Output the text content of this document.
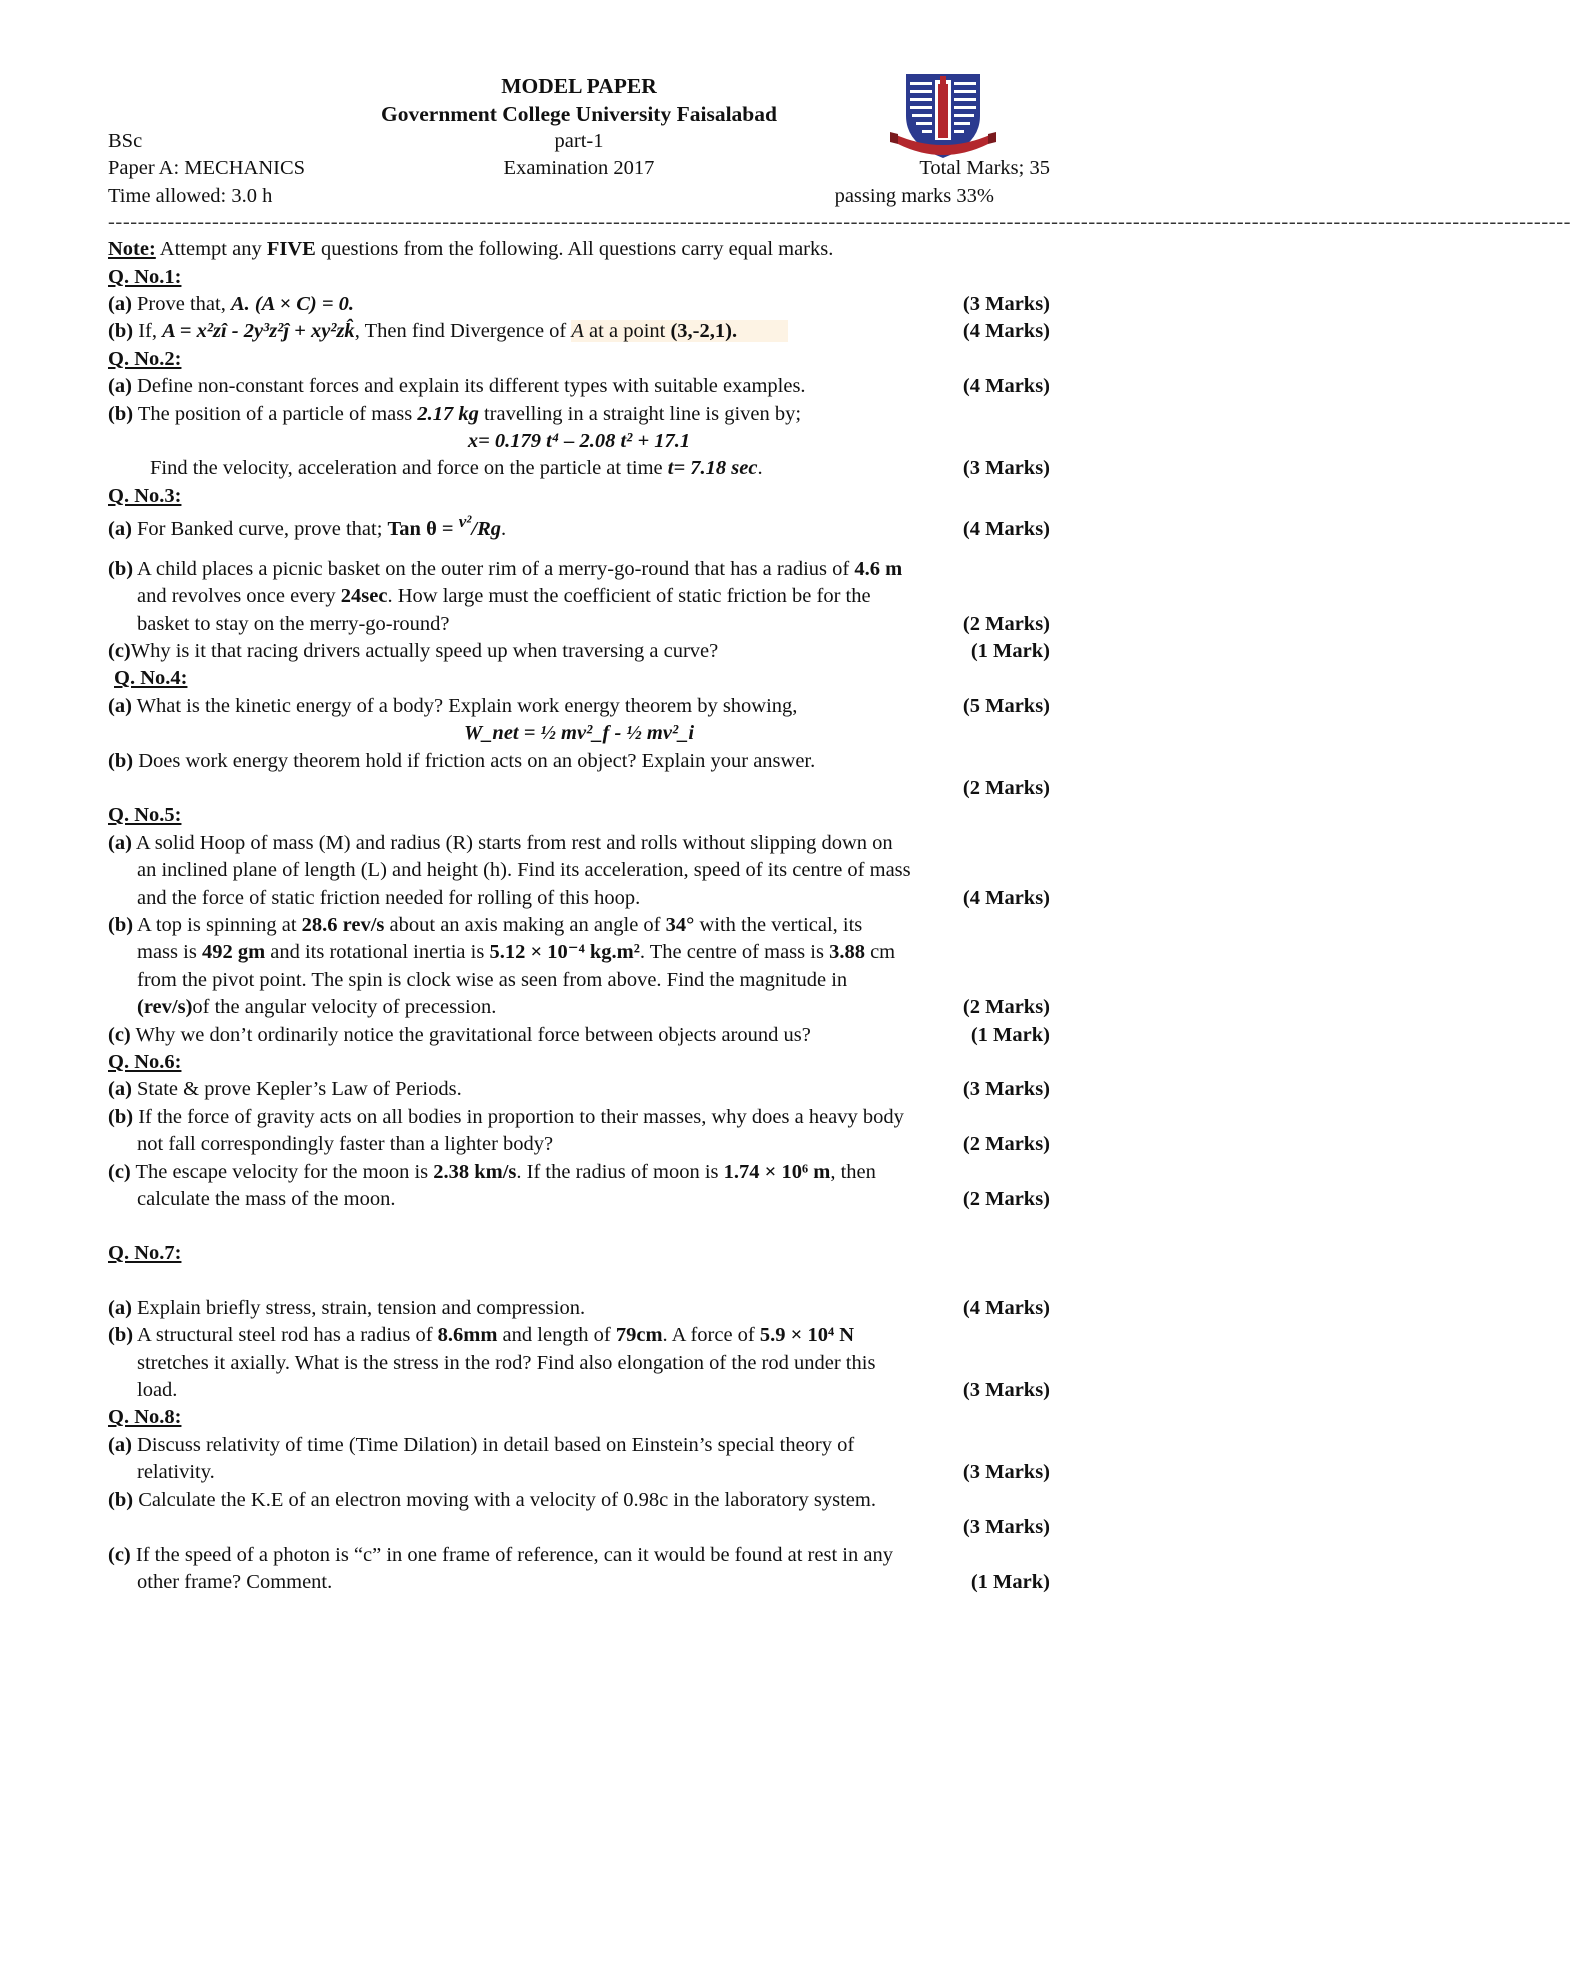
MODEL PAPER
Government College University Faisalabad
BSc	part-1
Paper A: MECHANICS	Examination 2017	Total Marks; 35
Time allowed: 3.0 h	passing marks 33%
-----------------------------------------------------------------------------------------------------------------------------------------------------------------------------------------------------
Note: Attempt any FIVE questions from the following. All questions carry equal marks.
Q. No.1:
(a) Prove that, A. (A × C) = 0.	(3 Marks)
(b) If, A = x²zî - 2y³z²ĵ + xy²zk̂, Then find Divergence of A at a point (3,-2,1).	(4 Marks)
Q. No.2:
(a) Define non-constant forces and explain its different types with suitable examples.	(4 Marks)
(b) The position of a particle of mass 2.17 kg travelling in a straight line is given by;
x= 0.179 t⁴ – 2.08 t² + 17.1
Find the velocity, acceleration and force on the particle at time t= 7.18 sec.	(3 Marks)
Q. No.3:
(a) For Banked curve, prove that; Tan θ = $^{v^2}$/Rg.	(4 Marks)
(b) A child places a picnic basket on the outer rim of a merry-go-round that has a radius of 4.6 m
and revolves once every 24sec. How large must the coefficient of static friction be for the
basket to stay on the merry-go-round?	(2 Marks)
(c)Why is it that racing drivers actually speed up when traversing a curve?	(1 Mark)
Q. No.4:
(a) What is the kinetic energy of a body? Explain work energy theorem by showing,	(5 Marks)
W_net = ½ mv²_f - ½ mv²_i
(b) Does work energy theorem hold if friction acts on an object? Explain your answer.
(2 Marks)
Q. No.5:
(a) A solid Hoop of mass (M) and radius (R) starts from rest and rolls without slipping down on
an inclined plane of length (L) and height (h). Find its acceleration, speed of its centre of mass
and the force of static friction needed for rolling of this hoop.	(4 Marks)
(b) A top is spinning at 28.6 rev/s about an axis making an angle of 34° with the vertical, its
mass is 492 gm and its rotational inertia is 5.12 × 10⁻⁴ kg.m². The centre of mass is 3.88 cm
from the pivot point. The spin is clock wise as seen from above. Find the magnitude in
(rev/s)of the angular velocity of precession.	(2 Marks)
(c) Why we don’t ordinarily notice the gravitational force between objects around us?	(1 Mark)
Q. No.6:
(a) State & prove Kepler’s Law of Periods.	(3 Marks)
(b) If the force of gravity acts on all bodies in proportion to their masses, why does a heavy body
not fall correspondingly faster than a lighter body?	(2 Marks)
(c) The escape velocity for the moon is 2.38 km/s. If the radius of moon is 1.74 × 10⁶ m, then
calculate the mass of the moon.	(2 Marks)
Q. No.7:
(a) Explain briefly stress, strain, tension and compression.	(4 Marks)
(b) A structural steel rod has a radius of 8.6mm and length of 79cm. A force of 5.9 × 10⁴ N
stretches it axially. What is the stress in the rod? Find also elongation of the rod under this
load.	(3 Marks)
Q. No.8:
(a) Discuss relativity of time (Time Dilation) in detail based on Einstein’s special theory of
relativity.	(3 Marks)
(b) Calculate the K.E of an electron moving with a velocity of 0.98c in the laboratory system.
(3 Marks)
(c) If the speed of a photon is “c” in one frame of reference, can it would be found at rest in any
other frame? Comment.	(1 Mark)
